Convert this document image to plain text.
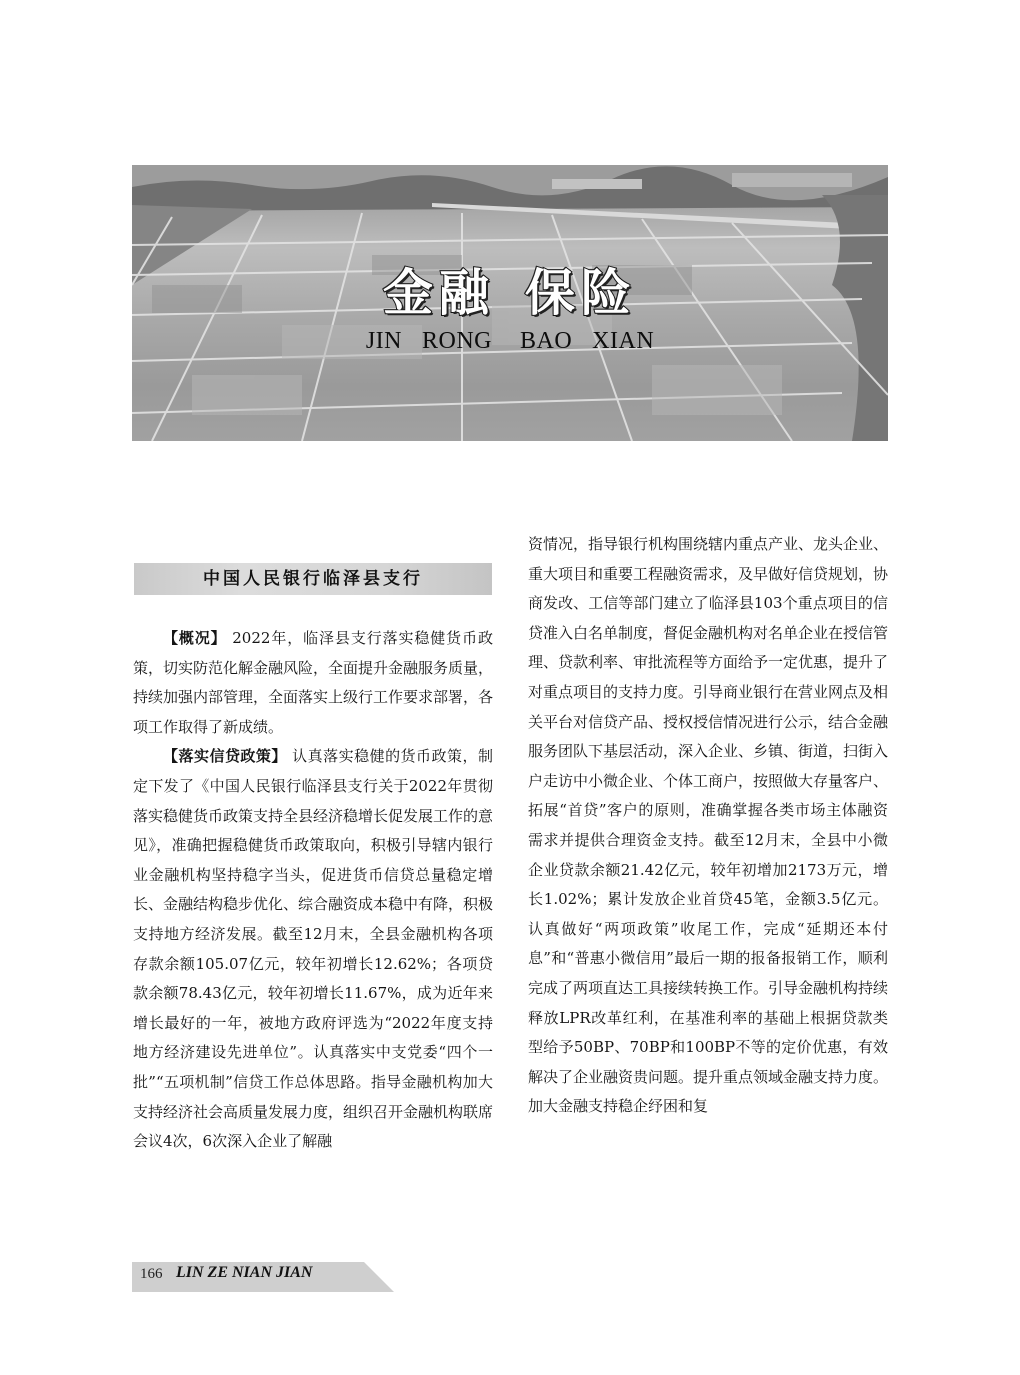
金融 保险
JIN RONG BAO XIAN
中国人民银行临泽县支行

【概况】 2022年，临泽县支行落实稳健货币政策，切实防范化解金融风险，全面提升金融服务质量，持续加强内部管理，全面落实上级行工作要求部署，各项工作取得了新成绩。

【落实信贷政策】 认真落实稳健的货币政策，制定下发了《中国人民银行临泽县支行关于2022年贯彻落实稳健货币政策支持全县经济稳增长促发展工作的意见》，准确把握稳健货币政策取向，积极引导辖内银行业金融机构坚持稳字当头，促进货币信贷总量稳定增长、金融结构稳步优化、综合融资成本稳中有降，积极支持地方经济发展。截至12月末，全县金融机构各项存款余额105.07亿元，较年初增长12.62%；各项贷款余额78.43亿元，较年初增长11.67%，成为近年来增长最好的一年，被地方政府评选为“2022年度支持地方经济建设先进单位”。认真落实中支党委“四个一批”“五项机制”信贷工作总体思路。指导金融机构加大支持经济社会高质量发展力度，组织召开金融机构联席会议4次，6次深入企业了解融

资情况，指导银行机构围绕辖内重点产业、龙头企业、重大项目和重要工程融资需求，及早做好信贷规划，协商发改、工信等部门建立了临泽县103个重点项目的信贷准入白名单制度，督促金融机构对名单企业在授信管理、贷款利率、审批流程等方面给予一定优惠，提升了对重点项目的支持力度。引导商业银行在营业网点及相关平台对信贷产品、授权授信情况进行公示，结合金融服务团队下基层活动，深入企业、乡镇、街道，扫街入户走访中小微企业、个体工商户，按照做大存量客户、拓展“首贷”客户的原则，准确掌握各类市场主体融资需求并提供合理资金支持。截至12月末，全县中小微企业贷款余额21.42亿元，较年初增加2173万元，增长1.02%；累计发放企业首贷45笔，金额3.5亿元。认真做好“两项政策”收尾工作，完成“延期还本付息”和“普惠小微信用”最后一期的报备报销工作，顺利完成了两项直达工具接续转换工作。引导金融机构持续释放LPR改革红利，在基准利率的基础上根据贷款类型给予50BP、70BP和100BP不等的定价优惠，有效解决了企业融资贵问题。提升重点领域金融支持力度。加大金融支持稳企纾困和复

166 LIN ZE NIAN JIAN
